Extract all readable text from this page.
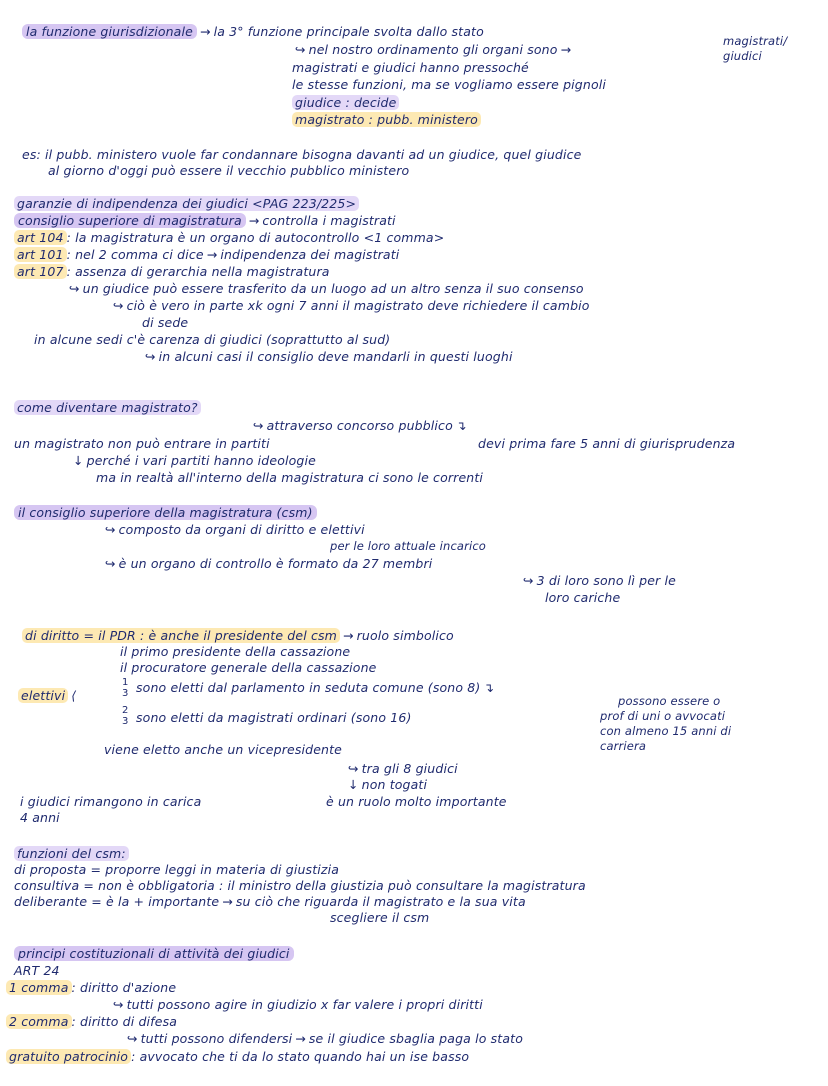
la funzione giurisdizionale → la 3° funzione principale svolta dallo stato
↪ nel nostro ordinamento gli organi sono →
magistrati/
giudici
magistrati e giudici hanno pressoché
le stesse funzioni, ma se vogliamo essere pignoli
giudice : decide
magistrato : pubb. ministero
es: il pubb. ministero vuole far condannare bisogna davanti ad un giudice, quel giudice
al giorno d'oggi può essere il vecchio pubblico ministero
garanzie di indipendenza dei giudici <PAG 223/225>
consiglio superiore di magistratura → controlla i magistrati
art 104 : la magistratura è un organo di autocontrollo <1 comma>
art 101 : nel 2 comma ci dice → indipendenza dei magistrati
art 107 : assenza di gerarchia nella magistratura
↪ un giudice può essere trasferito da un luogo ad un altro senza il suo consenso
↪ ciò è vero in parte xk ogni 7 anni il magistrato deve richiedere il cambio
di sede
in alcune sedi c'è carenza di giudici (soprattutto al sud)
↪ in alcuni casi il consiglio deve mandarli in questi luoghi
come diventare magistrato?
↪ attraverso concorso pubblico ↴
un magistrato non può entrare in partiti	devi prima fare 5 anni di giurisprudenza
↓ perché i vari partiti hanno ideologie
ma in realtà all'interno della magistratura ci sono le correnti
il consiglio superiore della magistratura (csm)
↪ composto da organi di diritto e elettivi
per le loro attuale incarico
↪ è un organo di controllo è formato da 27 membri
↪ 3 di loro sono lì per le
loro cariche
di diritto = il PDR : è anche il presidente del csm → ruolo simbolico
il primo presidente della cassazione
il procuratore generale della cassazione
elettivi ⟨
1
3 sono eletti dal parlamento in seduta comune (sono 8) ↴
2
3 sono eletti da magistrati ordinari (sono 16)
possono essere o
prof di uni o avvocati
con almeno 15 anni di
carriera
viene eletto anche un vicepresidente
↪ tra gli 8 giudici
↓ non togati
i giudici rimangono in carica	è un ruolo molto importante
4 anni
funzioni del csm:
di proposta = proporre leggi in materia di giustizia
consultiva = non è obbligatoria : il ministro della giustizia può consultare la magistratura
deliberante = è la + importante → su ciò che riguarda il magistrato e la sua vita
scegliere il csm
principi costituzionali di attività dei giudici
ART 24
1 comma : diritto d'azione
↪ tutti possono agire in giudizio x far valere i propri diritti
2 comma : diritto di difesa
↪ tutti possono difendersi → se il giudice sbaglia paga lo stato
gratuito patrocinio : avvocato che ti da lo stato quando hai un ise basso
